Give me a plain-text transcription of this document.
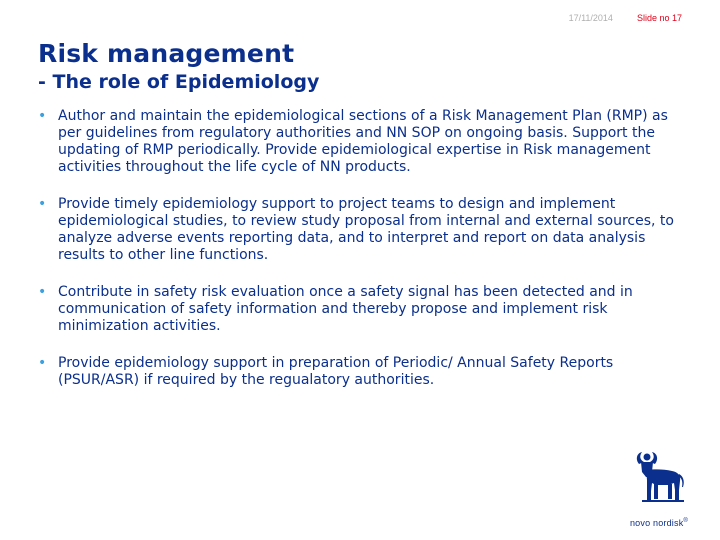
17/11/2014	Slide no 17
Risk management
- The role of Epidemiology
• Author and maintain the epidemiological sections of a Risk Management Plan (RMP) as per guidelines from regulatory authorities and NN SOP on ongoing basis. Support the updating of RMP periodically. Provide epidemiological expertise in Risk management activities throughout the life cycle of NN products.
• Provide timely epidemiology support to project teams to design and implement epidemiological studies, to review study proposal from internal and external sources, to analyze adverse events reporting data, and to interpret and report on data analysis results to other line functions.
• Contribute in safety risk evaluation once a safety signal has been detected and in communication of safety information and thereby propose and implement risk minimization activities.
• Provide epidemiology support in preparation of Periodic/ Annual Safety Reports (PSUR/ASR) if required by the regualatory authorities.
novo nordisk®
